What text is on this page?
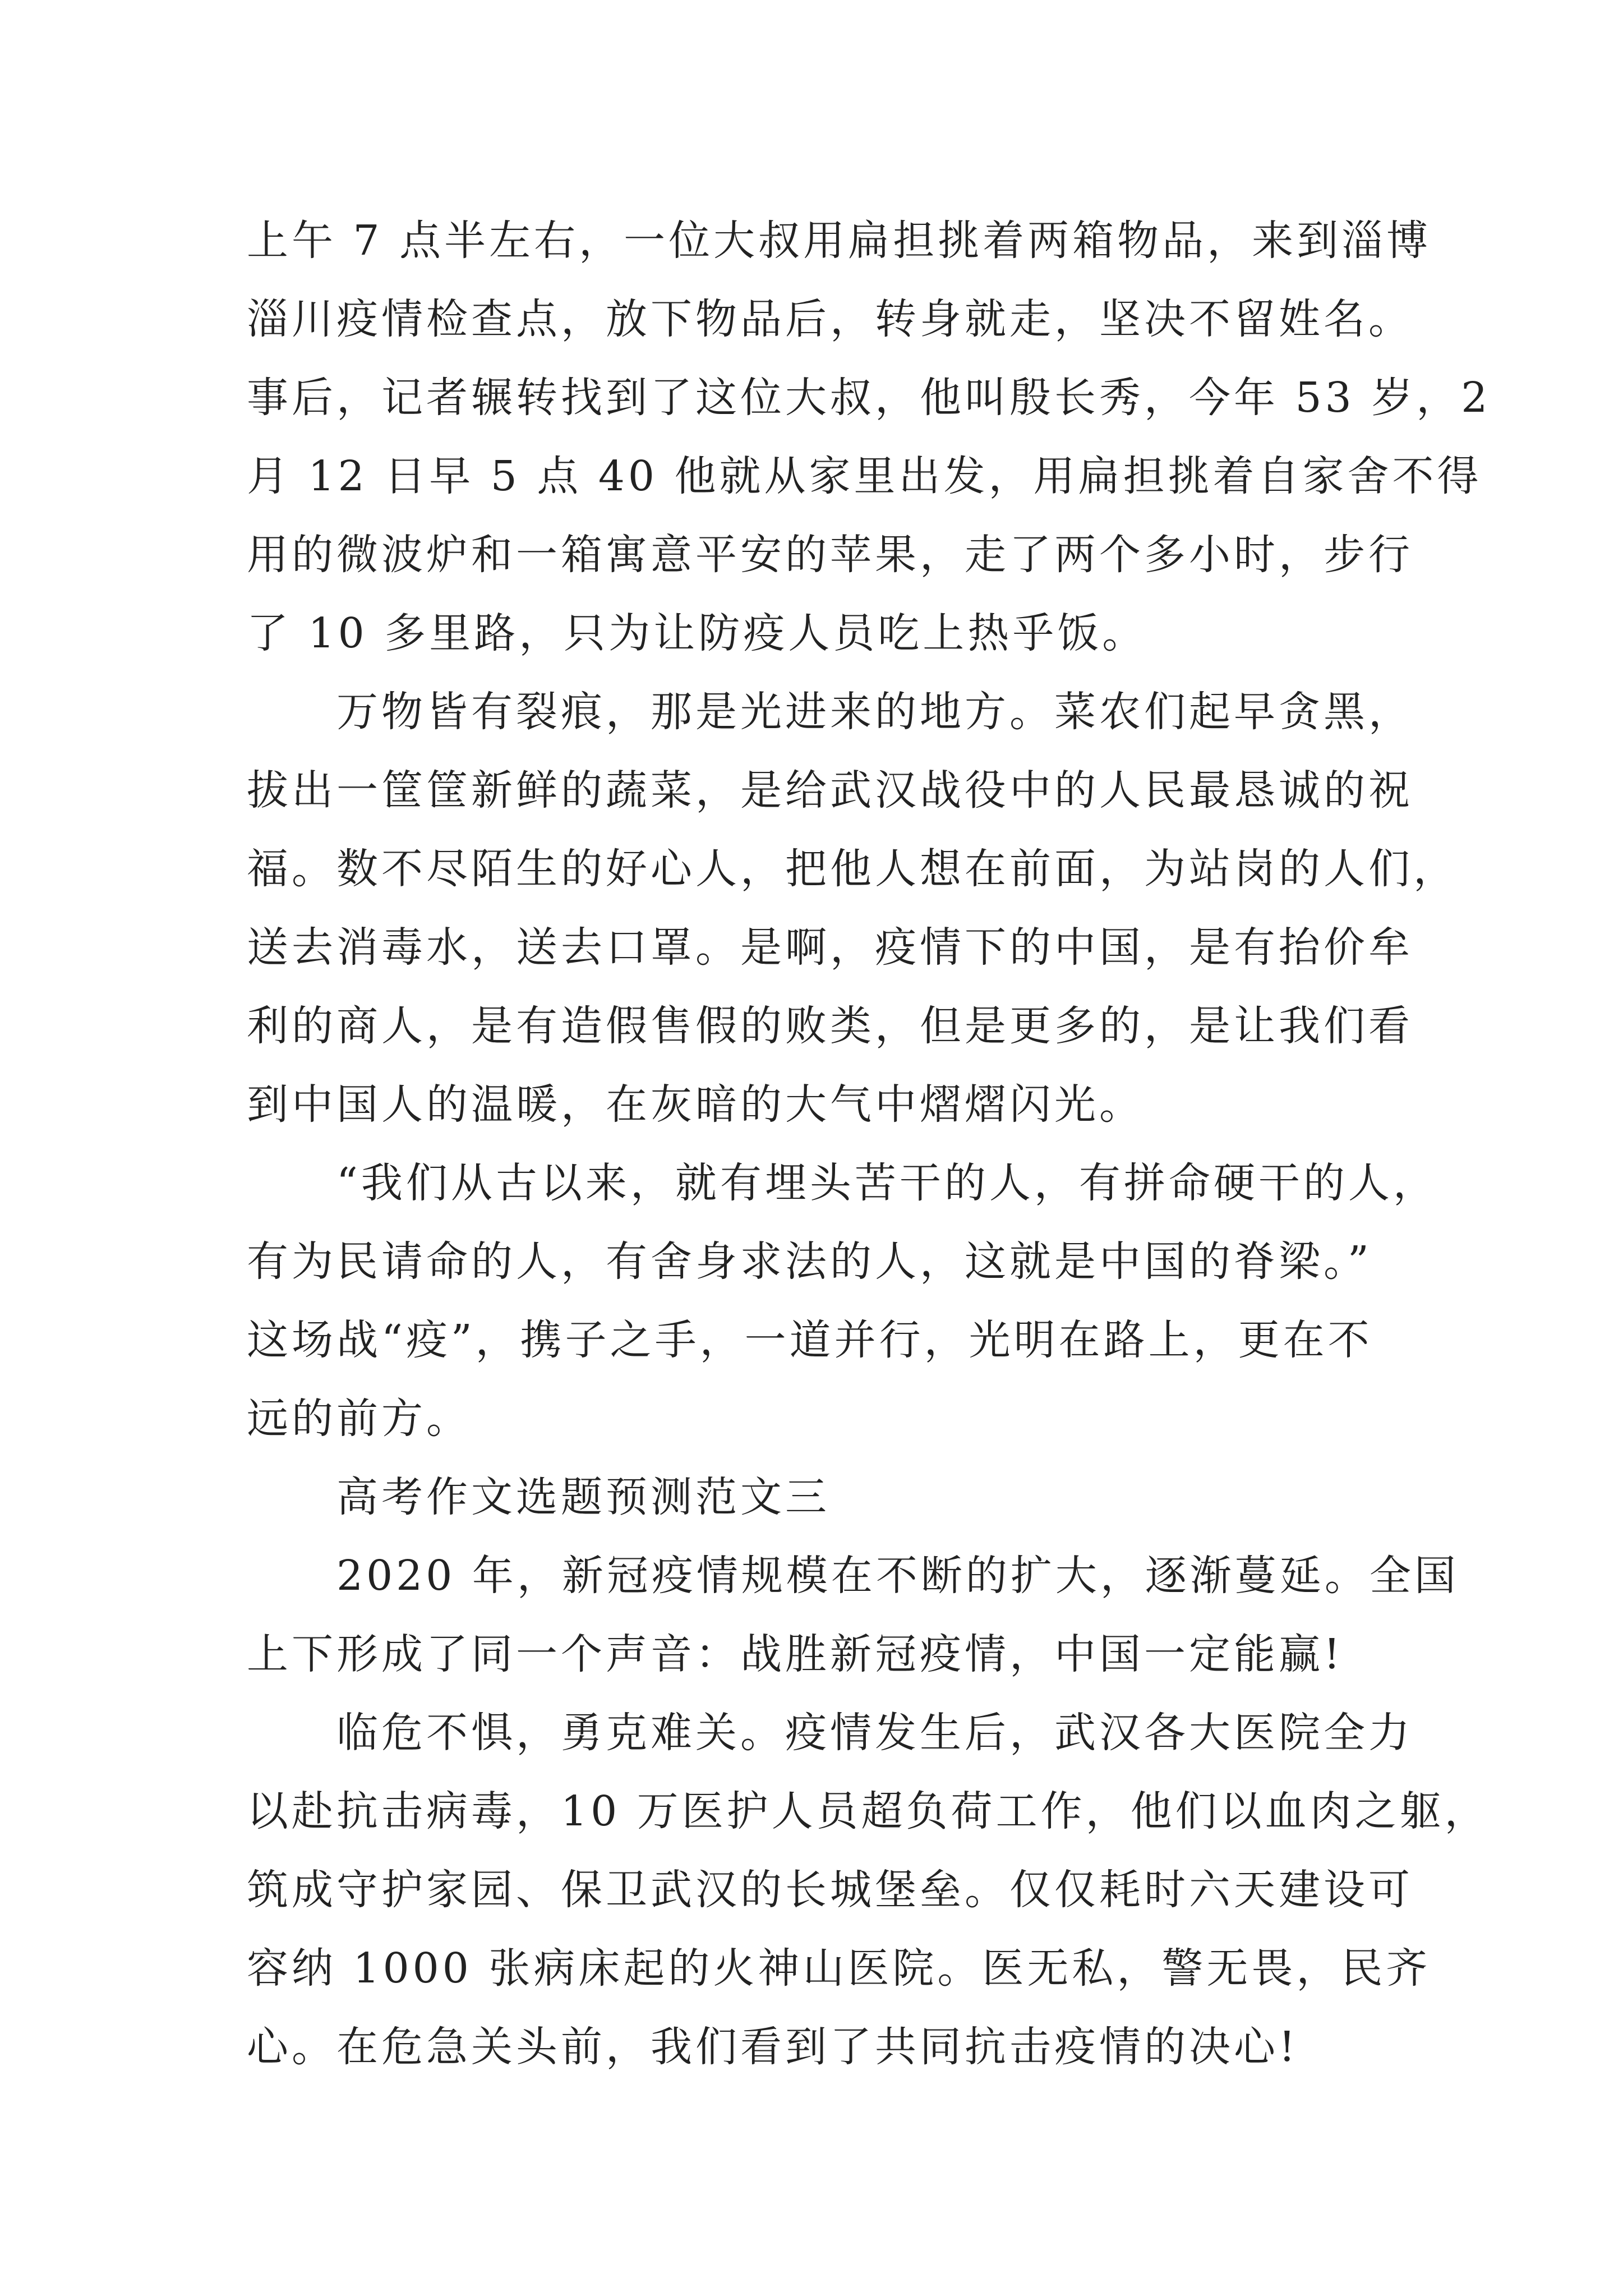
上午 7 点半左右，一位大叔用扁担挑着两箱物品，来到淄博
淄川疫情检查点，放下物品后，转身就走，坚决不留姓名。
事后，记者辗转找到了这位大叔，他叫殷长秀，今年 53 岁，2
月 12 日早 5 点 40 他就从家里出发，用扁担挑着自家舍不得
用的微波炉和一箱寓意平安的苹果，走了两个多小时，步行
了 10 多里路，只为让防疫人员吃上热乎饭。
万物皆有裂痕，那是光进来的地方。菜农们起早贪黑，
拔出一筐筐新鲜的蔬菜，是给武汉战役中的人民最恳诚的祝
福。数不尽陌生的好心人，把他人想在前面，为站岗的人们，
送去消毒水，送去口罩。是啊，疫情下的中国，是有抬价牟
利的商人，是有造假售假的败类，但是更多的，是让我们看
到中国人的温暖，在灰暗的大气中熠熠闪光。
“我们从古以来，就有埋头苦干的人，有拼命硬干的人，
有为民请命的人，有舍身求法的人，这就是中国的脊梁。”
这场战“疫”，携子之手，一道并行，光明在路上，更在不
远的前方。
高考作文选题预测范文三
2020 年，新冠疫情规模在不断的扩大，逐渐蔓延。全国
上下形成了同一个声音：战胜新冠疫情，中国一定能赢!
临危不惧，勇克难关。疫情发生后，武汉各大医院全力
以赴抗击病毒，10 万医护人员超负荷工作，他们以血肉之躯，
筑成守护家园、保卫武汉的长城堡垒。仅仅耗时六天建设可
容纳 1000 张病床起的火神山医院。医无私，警无畏，民齐
心。在危急关头前，我们看到了共同抗击疫情的决心!
